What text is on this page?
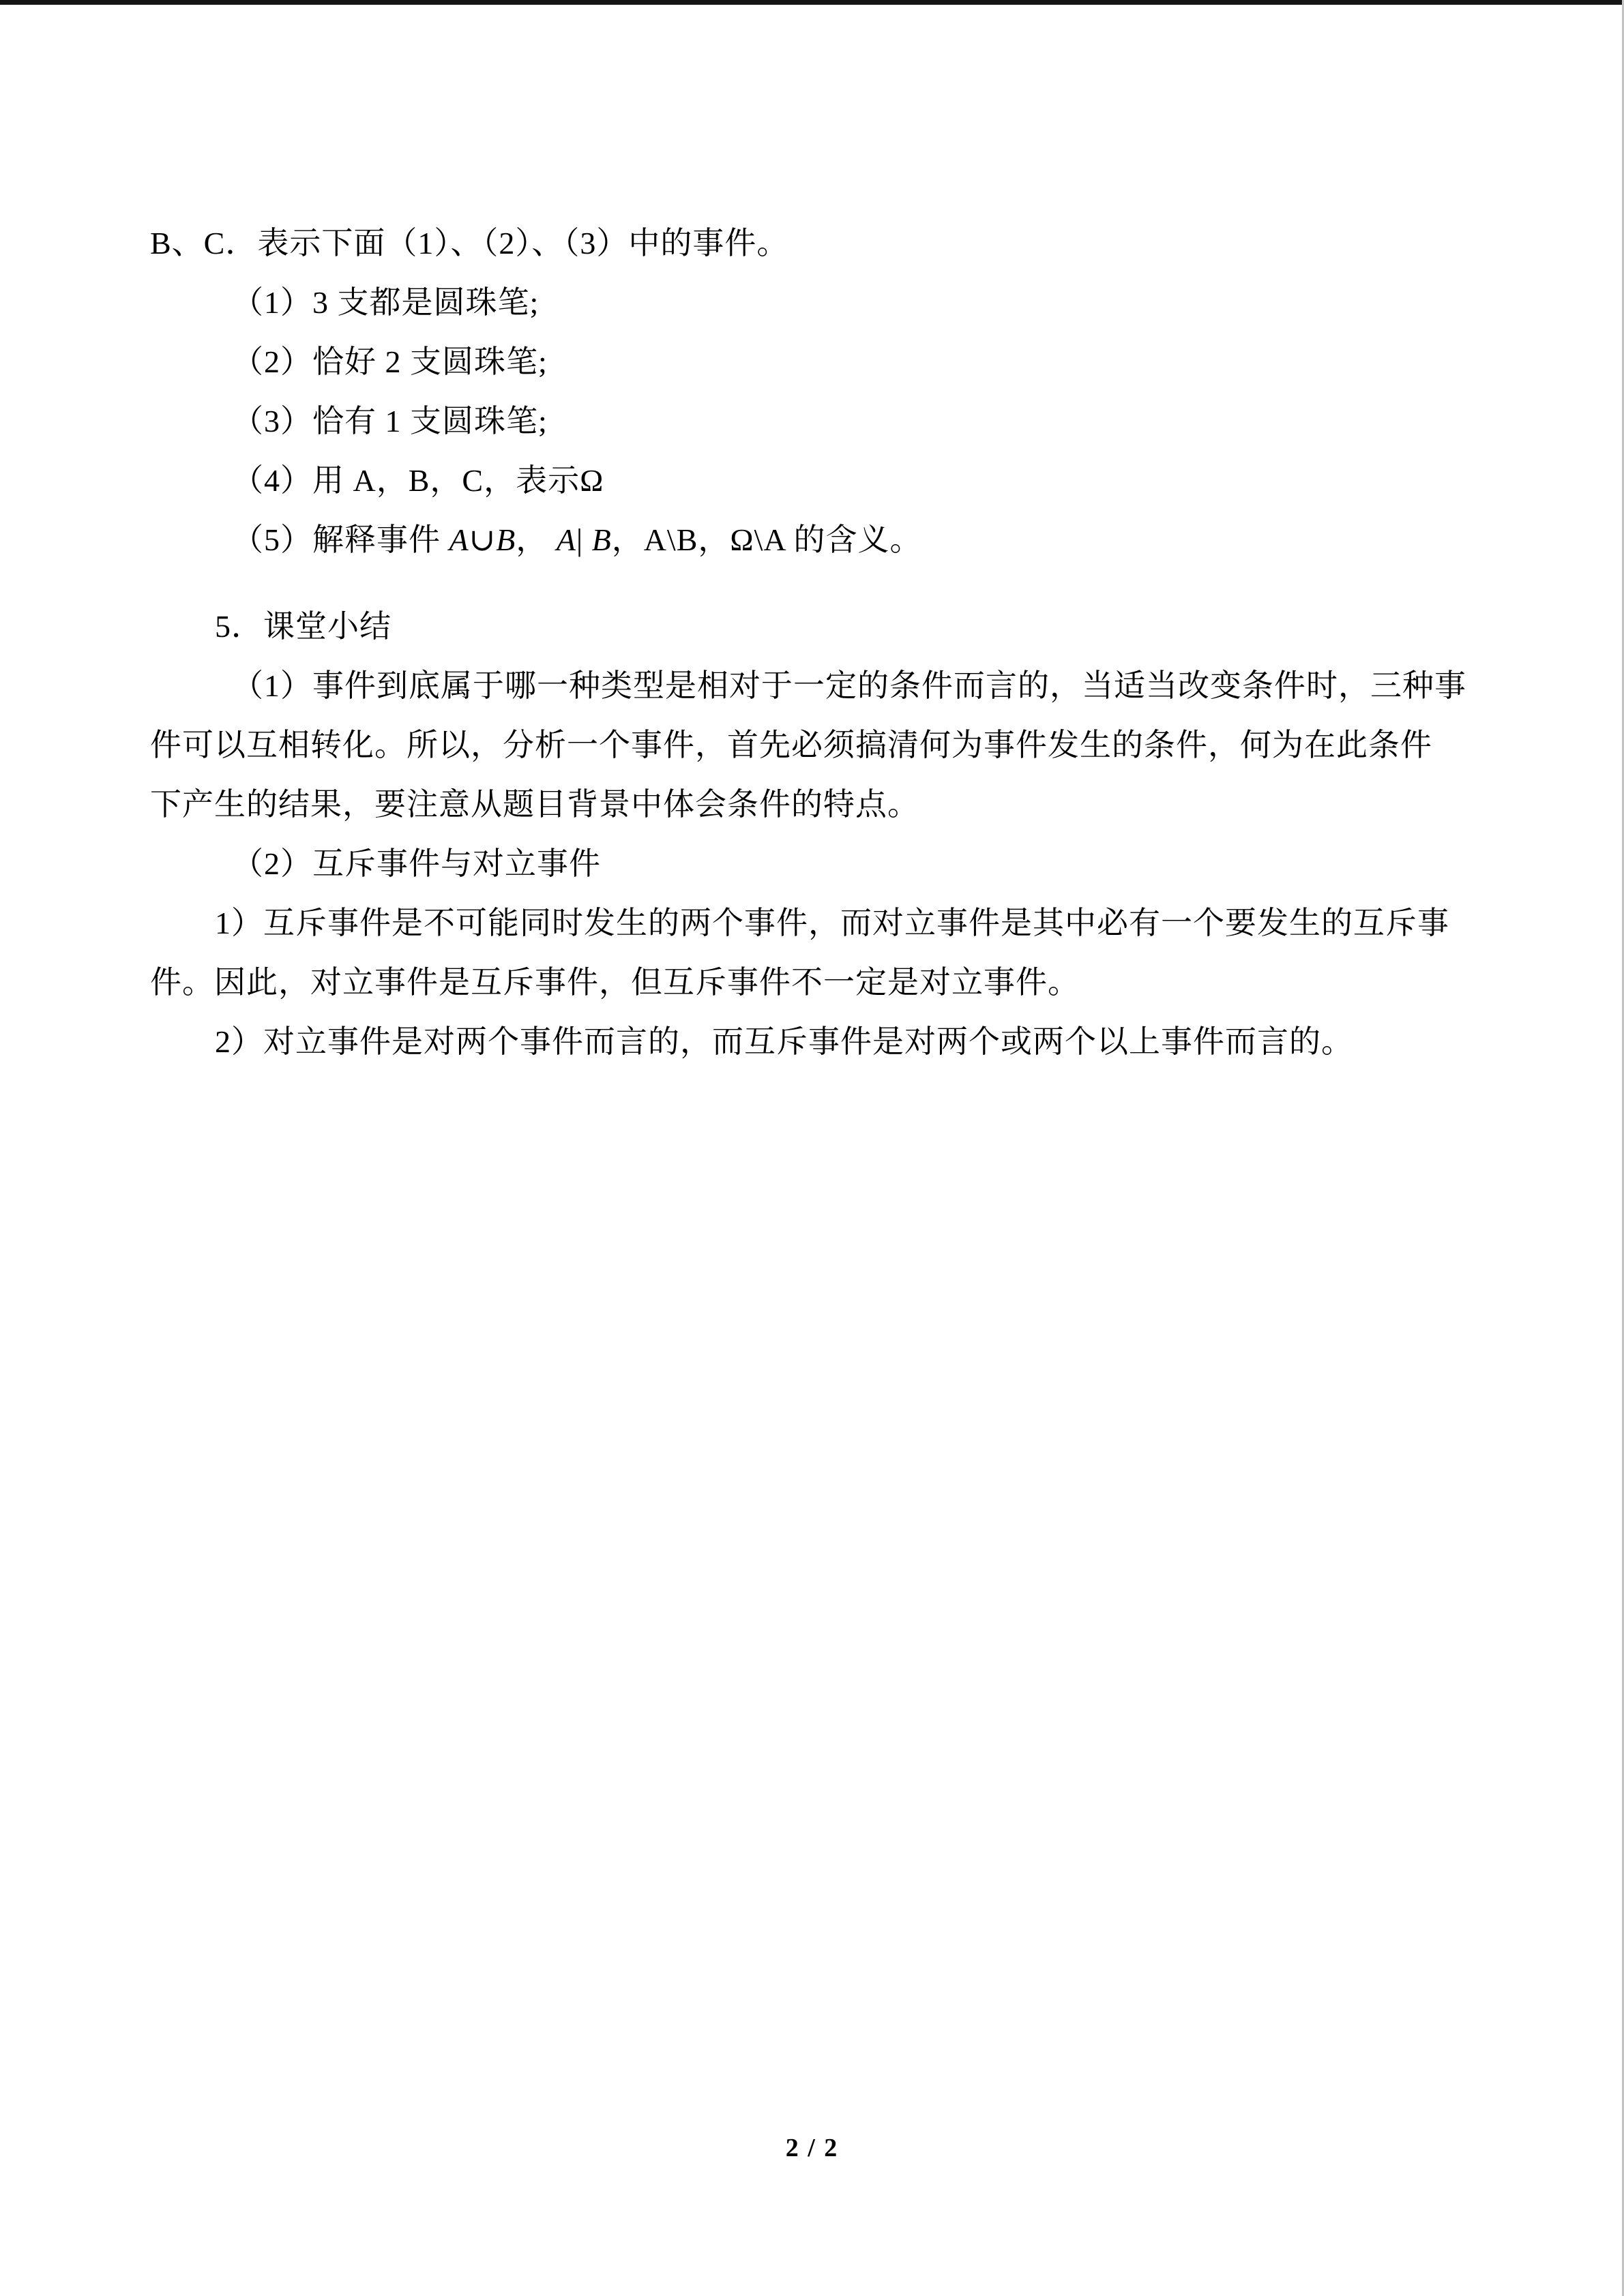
B、C．表示下面（1）、（2）、（3）中的事件。
（1）3 支都是圆珠笔;
（2）恰好 2 支圆珠笔;
（3）恰有 1 支圆珠笔;
（4）用 A，B，C，表示Ω
（5）解释事件 A∪B， A| B，A\B，Ω\A 的含义。
5．课堂小结
（1）事件到底属于哪一种类型是相对于一定的条件而言的，当适当改变条件时，三种事
件可以互相转化。所以，分析一个事件，首先必须搞清何为事件发生的条件，何为在此条件
下产生的结果，要注意从题目背景中体会条件的特点。
（2）互斥事件与对立事件
1）互斥事件是不可能同时发生的两个事件，而对立事件是其中必有一个要发生的互斥事
件。因此，对立事件是互斥事件，但互斥事件不一定是对立事件。
2）对立事件是对两个事件而言的，而互斥事件是对两个或两个以上事件而言的。
2 / 2
